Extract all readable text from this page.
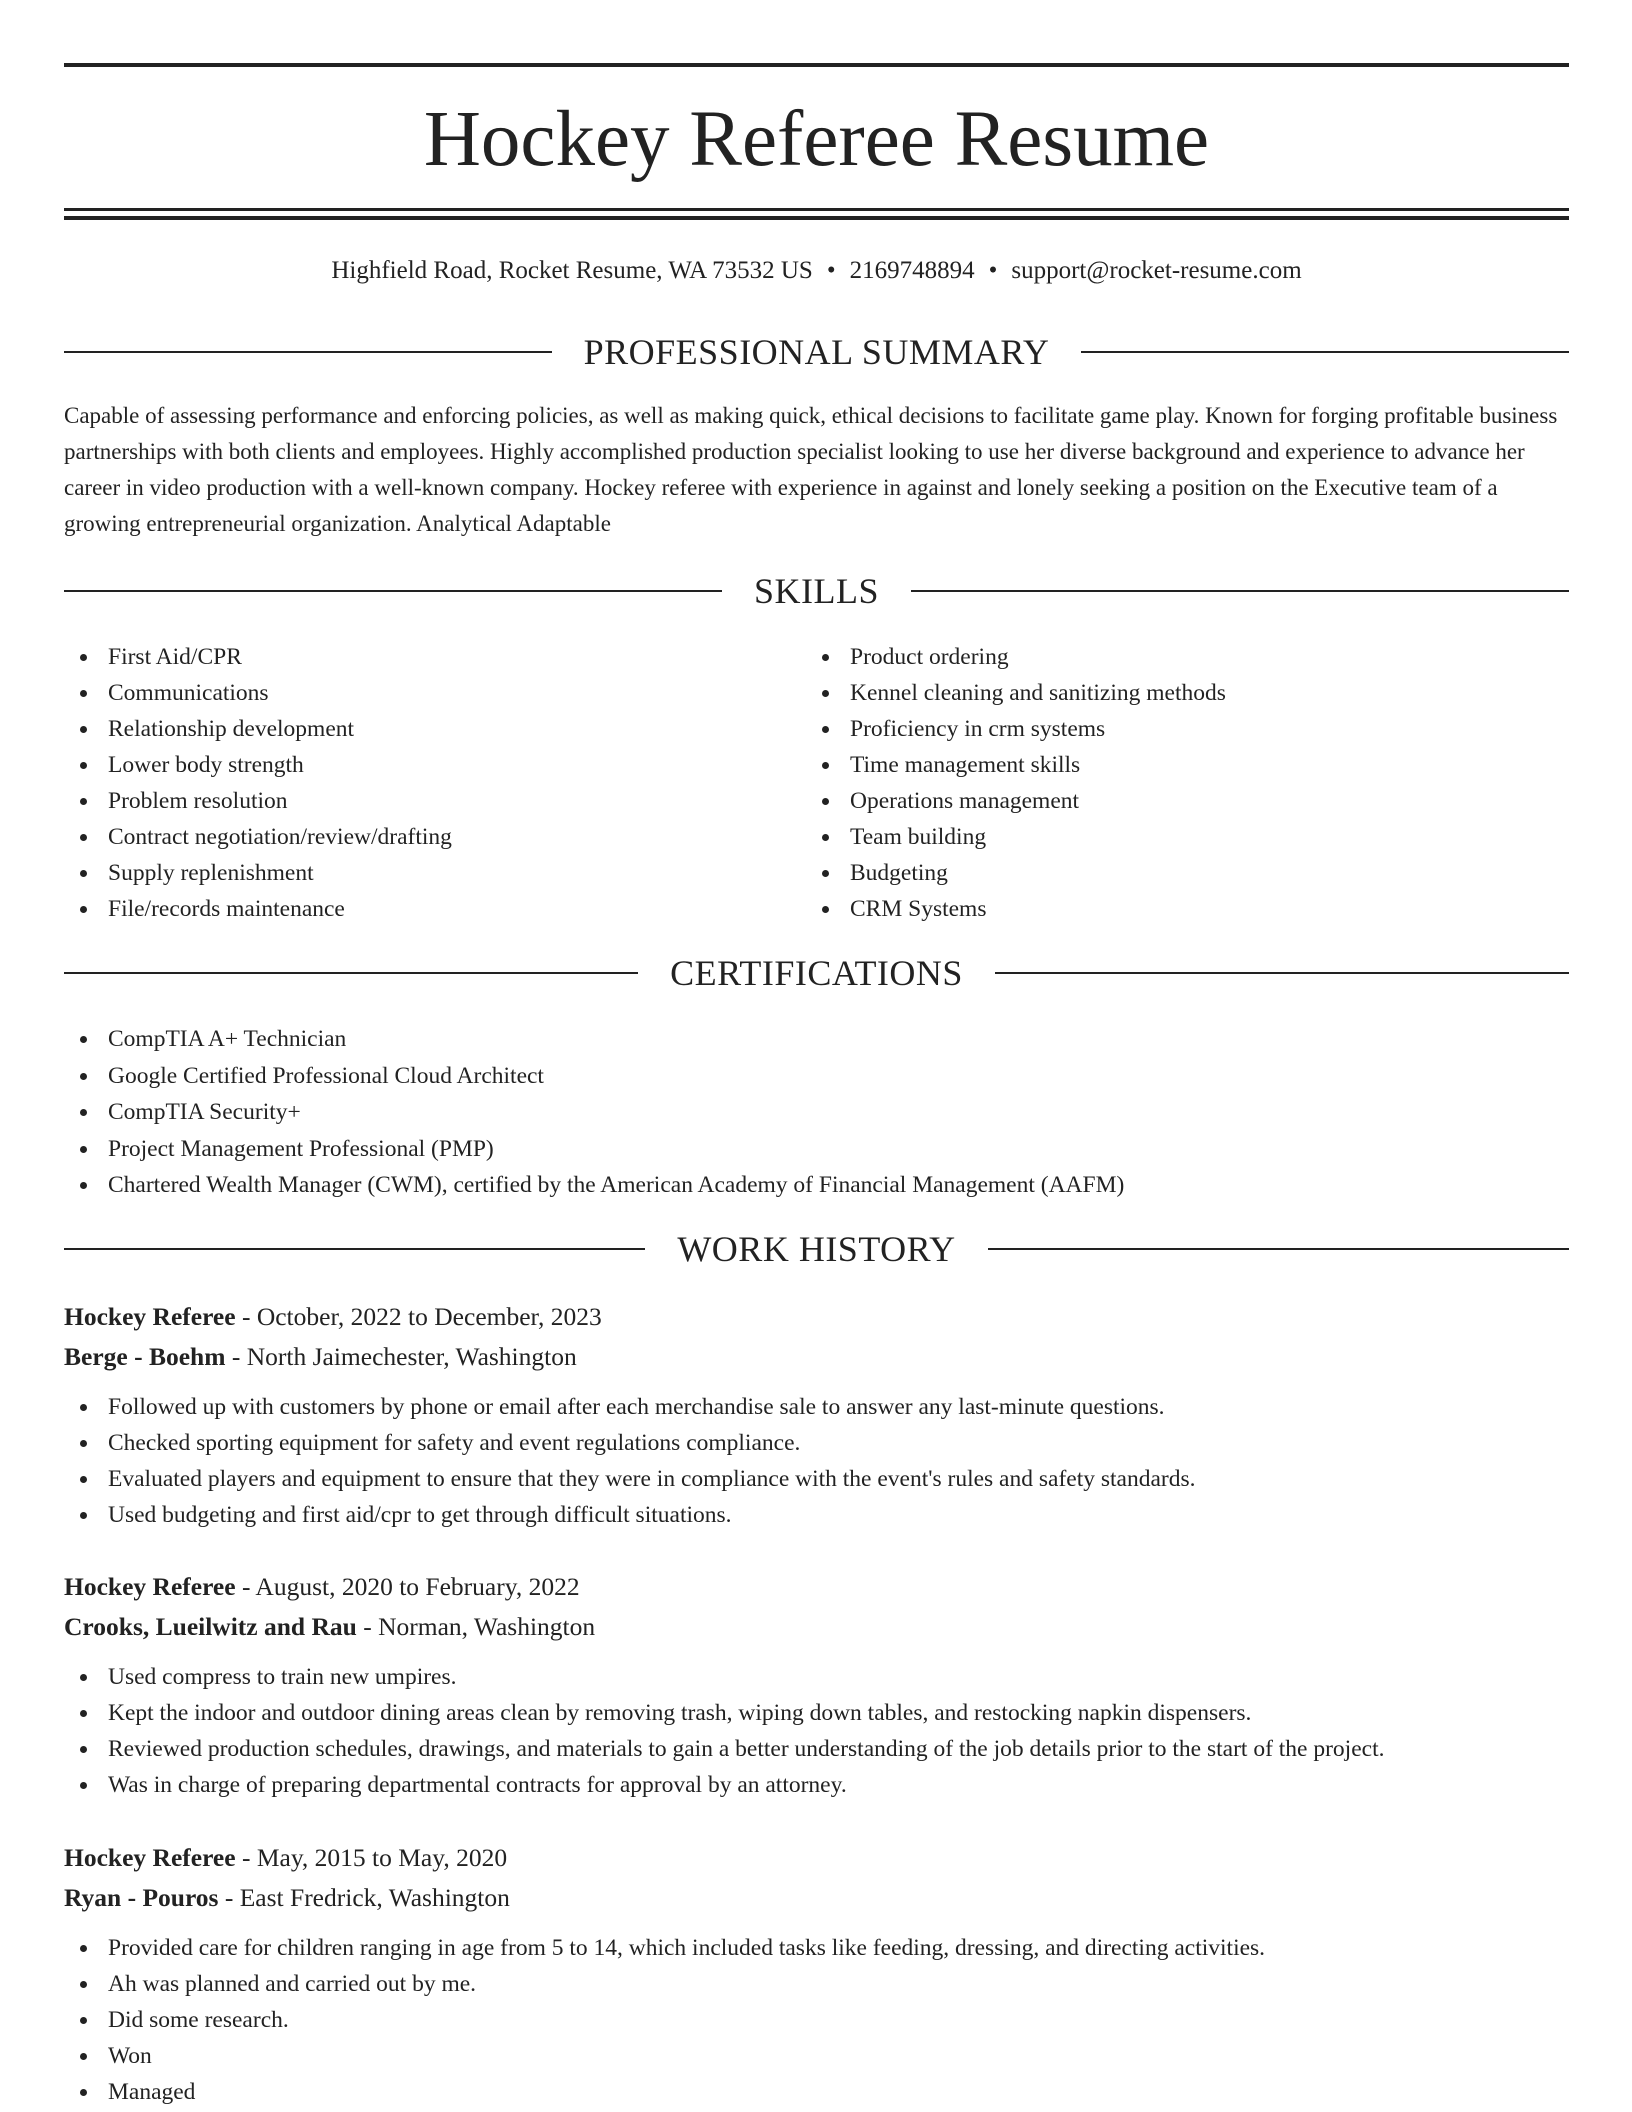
Hockey Referee Resume
Highfield Road, Rocket Resume, WA 73532 US • 2169748894 • support@rocket-resume.com
PROFESSIONAL SUMMARY

Capable of assessing performance and enforcing policies, as well as making quick, ethical decisions to facilitate game play. Known for forging profitable business partnerships with both clients and employees. Highly accomplished production specialist looking to use her diverse background and experience to advance her career in video production with a well-known company. Hockey referee with experience in against and lonely seeking a position on the Executive team of a growing entrepreneurial organization. Analytical Adaptable

SKILLS
First Aid/CPR
Communications
Relationship development
Lower body strength
Problem resolution
Contract negotiation/review/drafting
Supply replenishment
File/records maintenance
Product ordering
Kennel cleaning and sanitizing methods
Proficiency in crm systems
Time management skills
Operations management
Team building
Budgeting
CRM Systems
CERTIFICATIONS
CompTIA A+ Technician
Google Certified Professional Cloud Architect
CompTIA Security+
Project Management Professional (PMP)
Chartered Wealth Manager (CWM), certified by the American Academy of Financial Management (AAFM)
WORK HISTORY
Hockey Referee - October, 2022 to December, 2023
Berge - Boehm - North Jaimechester, Washington
Followed up with customers by phone or email after each merchandise sale to answer any last-minute questions.
Checked sporting equipment for safety and event regulations compliance.
Evaluated players and equipment to ensure that they were in compliance with the event's rules and safety standards.
Used budgeting and first aid/cpr to get through difficult situations.
Hockey Referee - August, 2020 to February, 2022
Crooks, Lueilwitz and Rau - Norman, Washington
Used compress to train new umpires.
Kept the indoor and outdoor dining areas clean by removing trash, wiping down tables, and restocking napkin dispensers.
Reviewed production schedules, drawings, and materials to gain a better understanding of the job details prior to the start of the project.
Was in charge of preparing departmental contracts for approval by an attorney.
Hockey Referee - May, 2015 to May, 2020
Ryan - Pouros - East Fredrick, Washington
Provided care for children ranging in age from 5 to 14, which included tasks like feeding, dressing, and directing activities.
Ah was planned and carried out by me.
Did some research.
Won
Managed
